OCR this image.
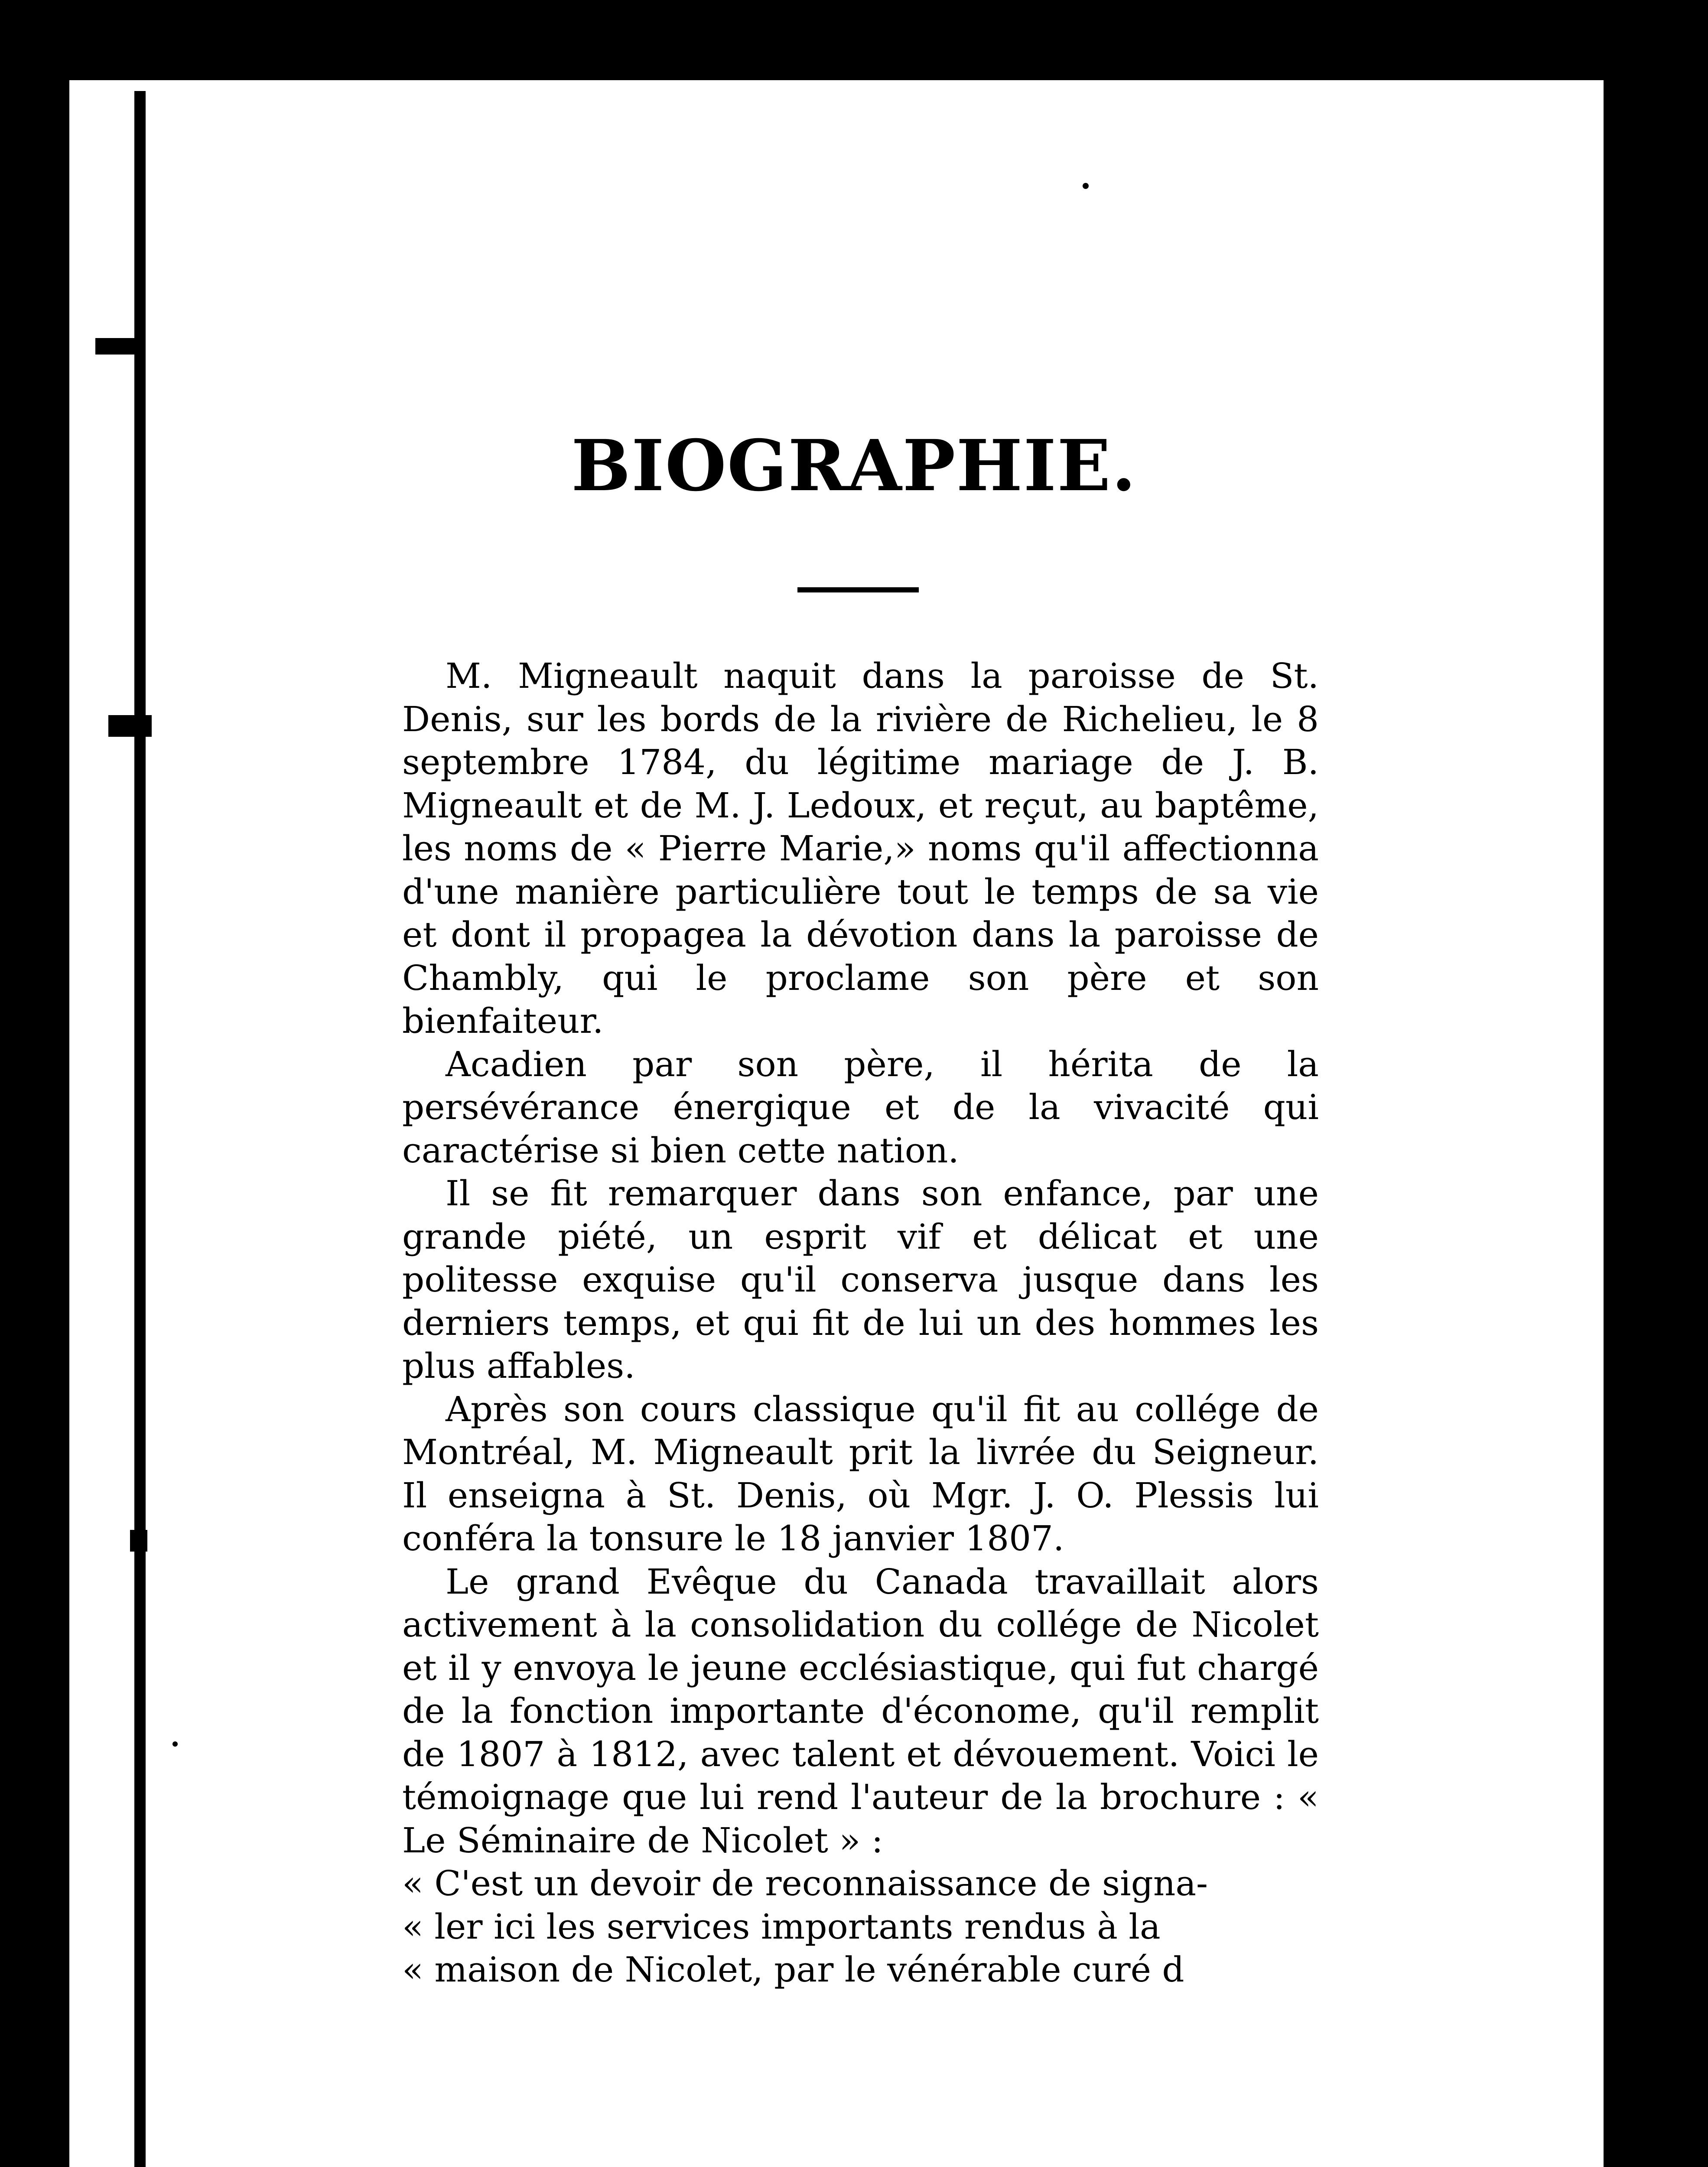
BIOGRAPHIE.

M. Migneault naquit dans la paroisse de St. Denis, sur les bords de la rivière de Richelieu, le 8 septembre 1784, du légitime mariage de J. B. Migneault et de M. J. Ledoux, et reçut, au baptême, les noms de « Pierre Marie,» noms qu'il affectionna d'une manière particulière tout le temps de sa vie et dont il propagea la dévotion dans la paroisse de Chambly, qui le proclame son père et son bienfaiteur.

Acadien par son père, il hérita de la persévérance énergique et de la vivacité qui caractérise si bien cette nation.

Il se fit remarquer dans son enfance, par une grande piété, un esprit vif et délicat et une politesse exquise qu'il conserva jusque dans les derniers temps, et qui fit de lui un des hommes les plus affables.

Après son cours classique qu'il fit au collége de Montréal, M. Migneault prit la livrée du Seigneur. Il enseigna à St. Denis, où Mgr. J. O. Plessis lui conféra la tonsure le 18 janvier 1807.

Le grand Evêque du Canada travaillait alors activement à la consolidation du collége de Nicolet et il y envoya le jeune ecclésiastique, qui fut chargé de la fonction importante d'économe, qu'il remplit de 1807 à 1812, avec talent et dévouement. Voici le témoignage que lui rend l'auteur de la brochure : « Le Séminaire de Nicolet » :

« C'est un devoir de reconnaissance de signa-

« ler ici les services importants rendus à la

« maison de Nicolet, par le vénérable curé d
